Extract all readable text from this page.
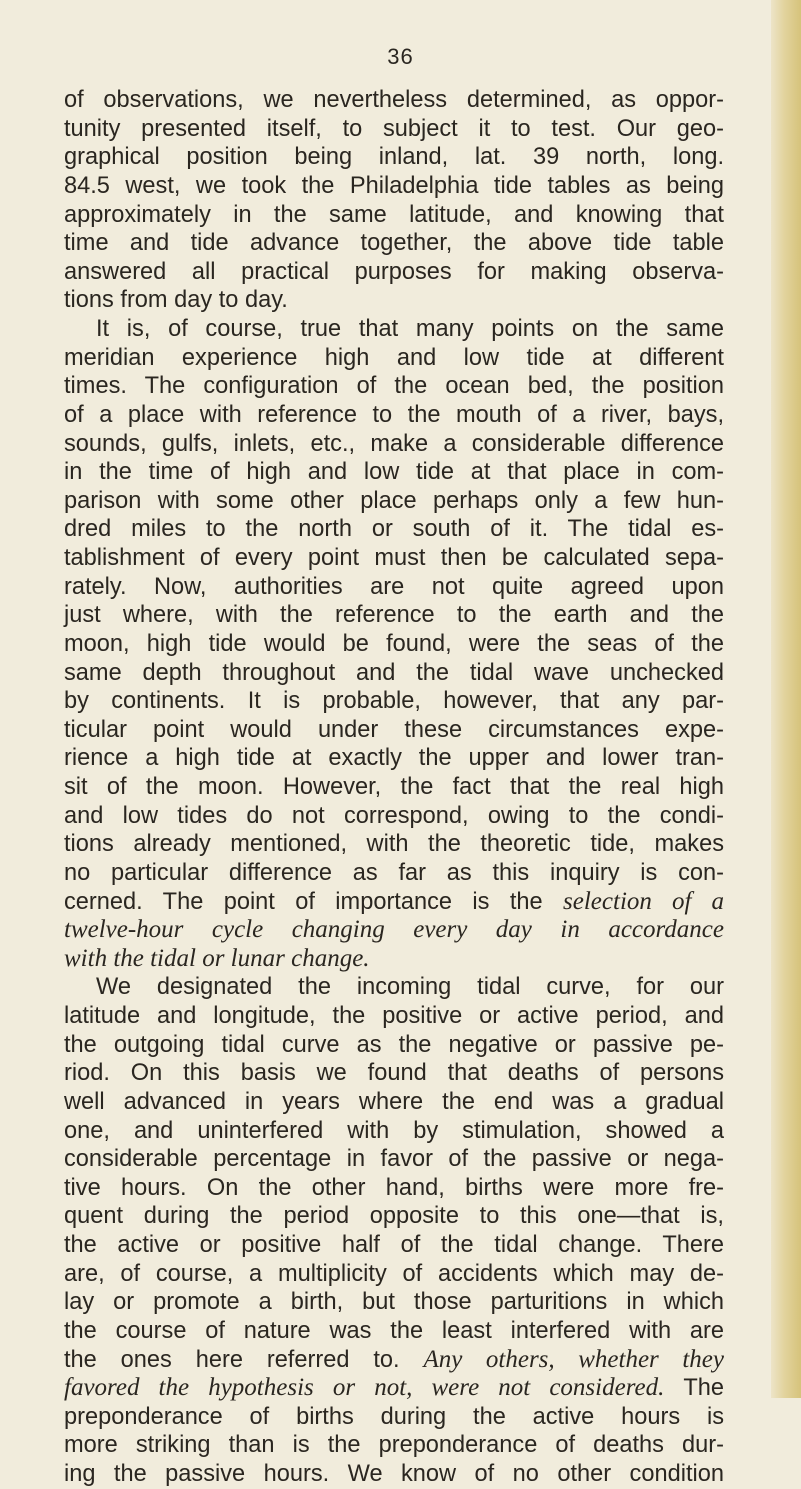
36
of observations, we nevertheless determined, as oppor-
tunity presented itself, to subject it to test. Our geo-
graphical position being inland, lat. 39 north, long.
84.5 west, we took the Philadelphia tide tables as being
approximately in the same latitude, and knowing that
time and tide advance together, the above tide table
answered all practical purposes for making observa-
tions from day to day.
It is, of course, true that many points on the same
meridian experience high and low tide at different
times. The configuration of the ocean bed, the position
of a place with reference to the mouth of a river, bays,
sounds, gulfs, inlets, etc., make a considerable difference
in the time of high and low tide at that place in com-
parison with some other place perhaps only a few hun-
dred miles to the north or south of it. The tidal es-
tablishment of every point must then be calculated sepa-
rately. Now, authorities are not quite agreed upon
just where, with the reference to the earth and the
moon, high tide would be found, were the seas of the
same depth throughout and the tidal wave unchecked
by continents. It is probable, however, that any par-
ticular point would under these circumstances expe-
rience a high tide at exactly the upper and lower tran-
sit of the moon. However, the fact that the real high
and low tides do not correspond, owing to the condi-
tions already mentioned, with the theoretic tide, makes
no particular difference as far as this inquiry is con-
cerned. The point of importance is the selection of a
twelve-hour cycle changing every day in accordance
with the tidal or lunar change.
We designated the incoming tidal curve, for our
latitude and longitude, the positive or active period, and
the outgoing tidal curve as the negative or passive pe-
riod. On this basis we found that deaths of persons
well advanced in years where the end was a gradual
one, and uninterfered with by stimulation, showed a
considerable percentage in favor of the passive or nega-
tive hours. On the other hand, births were more fre-
quent during the period opposite to this one—that is,
the active or positive half of the tidal change. There
are, of course, a multiplicity of accidents which may de-
lay or promote a birth, but those parturitions in which
the course of nature was the least interfered with are
the ones here referred to. Any others, whether they
favored the hypothesis or not, were not considered. The
preponderance of births during the active hours is
more striking than is the preponderance of deaths dur-
ing the passive hours. We know of no other condition
